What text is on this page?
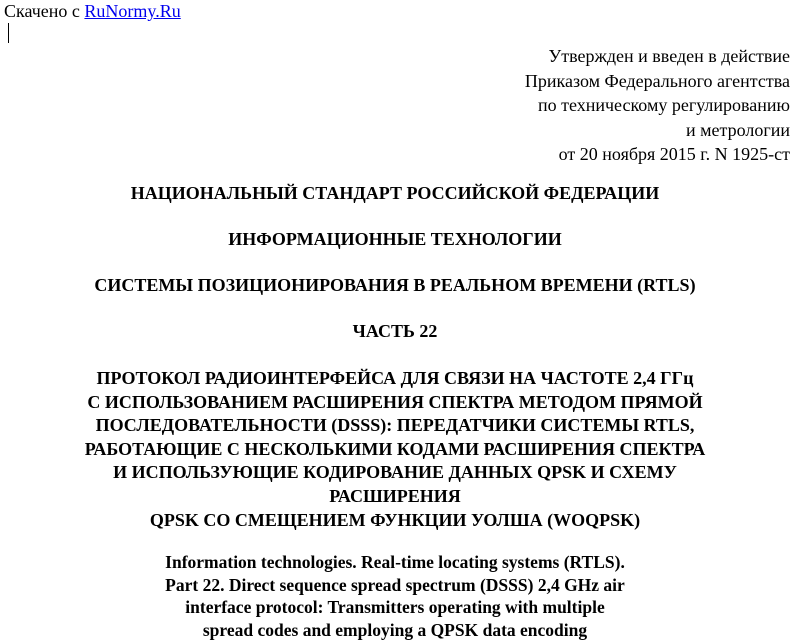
Скачено с RuNormy.Ru
Утвержден и введен в действие
Приказом Федерального агентства
по техническому регулированию
и метрологии
от 20 ноября 2015 г. N 1925-ст
НАЦИОНАЛЬНЫЙ СТАНДАРТ РОССИЙСКОЙ ФЕДЕРАЦИИ
ИНФОРМАЦИОННЫЕ ТЕХНОЛОГИИ
СИСТЕМЫ ПОЗИЦИОНИРОВАНИЯ В РЕАЛЬНОМ ВРЕМЕНИ (RTLS)
ЧАСТЬ 22
ПРОТОКОЛ РАДИОИНТЕРФЕЙСА ДЛЯ СВЯЗИ НА ЧАСТОТЕ 2,4 ГГц
С ИСПОЛЬЗОВАНИЕМ РАСШИРЕНИЯ СПЕКТРА МЕТОДОМ ПРЯМОЙ
ПОСЛЕДОВАТЕЛЬНОСТИ (DSSS): ПЕРЕДАТЧИКИ СИСТЕМЫ RTLS,
РАБОТАЮЩИЕ С НЕСКОЛЬКИМИ КОДАМИ РАСШИРЕНИЯ СПЕКТРА
И ИСПОЛЬЗУЮЩИЕ КОДИРОВАНИЕ ДАННЫХ QPSK И СХЕМУ
РАСШИРЕНИЯ
QPSK СО СМЕЩЕНИЕМ ФУНКЦИИ УОЛША (WOQPSK)
Information technologies. Real-time locating systems (RTLS).
Part 22. Direct sequence spread spectrum (DSSS) 2,4 GHz air
interface protocol: Transmitters operating with multiple
spread codes and employing a QPSK data encoding
